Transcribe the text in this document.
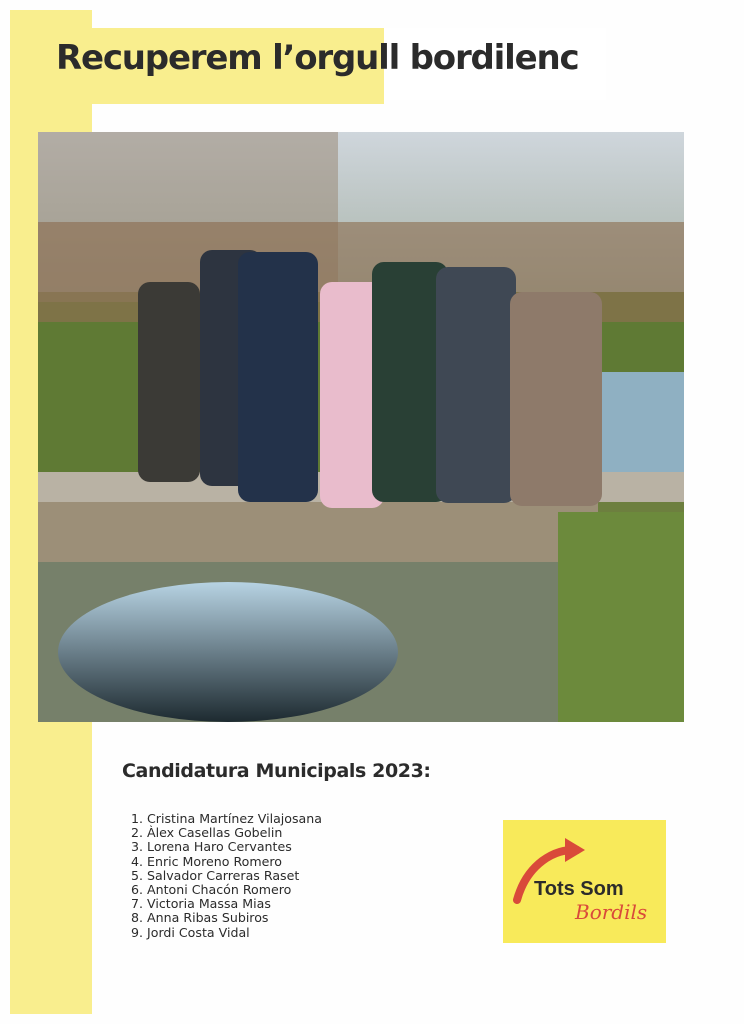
Recuperem l’orgull bordilenc
Candidatura Municipals 2023:
1. Cristina Martínez Vilajosana
2. Àlex Casellas Gobelin
3. Lorena Haro Cervantes
4. Enric Moreno Romero
5. Salvador Carreras Raset
6. Antoni Chacón Romero
7. Victoria Massa Mias
8. Anna Ribas Subiros
9. Jordi Costa Vidal
Tots Som
Bordils
